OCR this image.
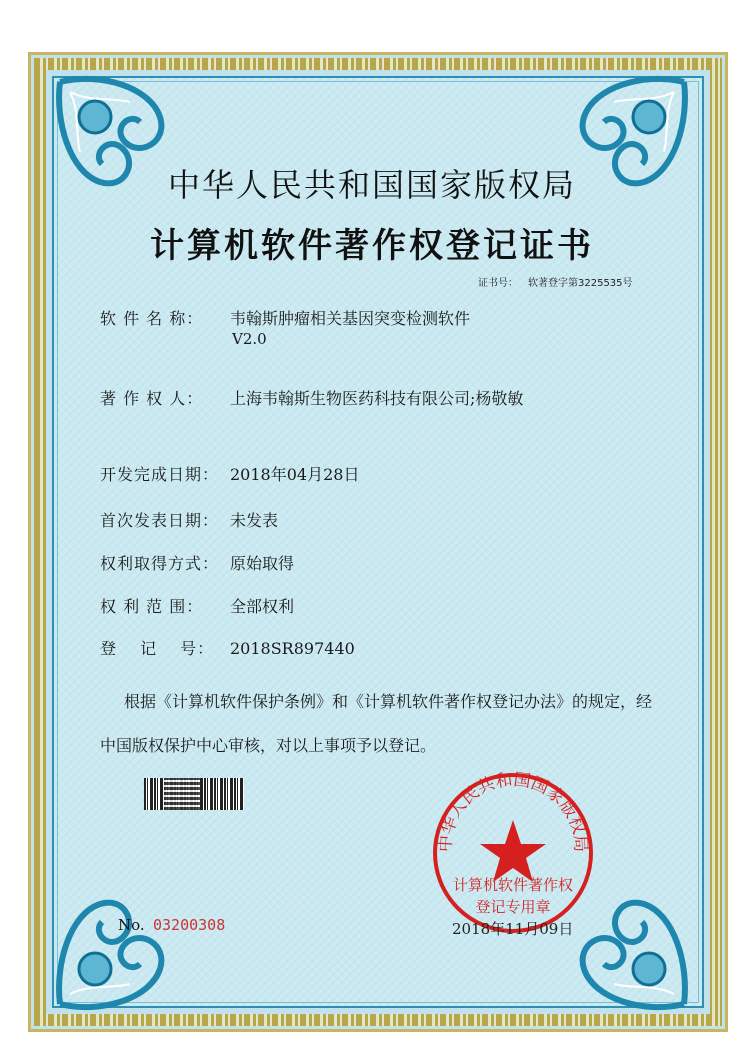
中华人民共和国国家版权局
计算机软件著作权登记证书
证书号： 软著登字第3225535号
软 件 名 称： 韦翰斯肿瘤相关基因突变检测软件
V2.0
著 作 权 人： 上海韦翰斯生物医药科技有限公司;杨敬敏
开发完成日期： 2018年04月28日
首次发表日期： 未发表
权利取得方式： 原始取得
权 利 范 围： 全部权利
登 　记 　号： 2018SR897440
根据《计算机软件保护条例》和《计算机软件著作权登记办法》的规定，经中国版权保护中心审核，对以上事项予以登记。
中华人民共和国国家版权局
计算机软件著作权
登记专用章
No. 03200308	2018年11月09日
